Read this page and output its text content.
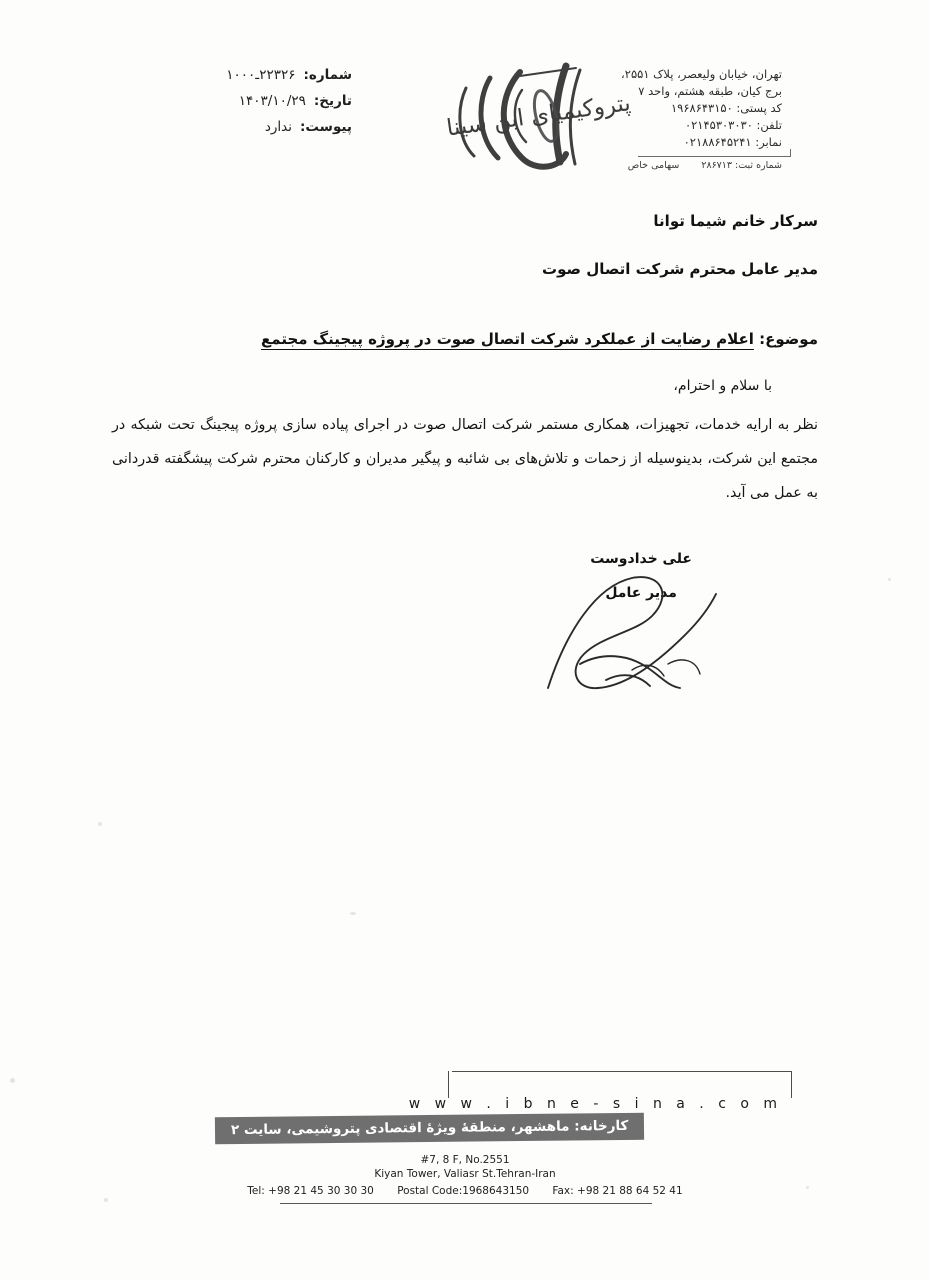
تهران، خیابان ولیعصر، پلاک ۲۵۵۱،
برج کیان، طبقه هشتم، واحد ۷
کد پستی: ۱۹۶۸۶۴۳۱۵۰
تلفن: ۰۲۱۴۵۳۰۳۰۳۰
نمابر: ۰۲۱۸۸۶۴۵۲۴۱
شماره ثبت: ۲۸۶۷۱۳  سهامی خاص
پتروکیمیای ابن سینا
شماره:
۲۲۳۲۶ـ۱۰۰۰
تاریخ:
۱۴۰۳/۱۰/۲۹
پیوست:
ندارد
سرکار خانم شیما توانا
مدیر عامل محترم شرکت اتصال صوت
موضوع: اعلام رضایت از عملکرد شرکت اتصال صوت در پروژه پیجینگ مجتمع
با سلام و احترام،
نظر به ارایه خدمات، تجهیزات، همکاری مستمر شرکت اتصال صوت در اجرای پیاده سازی پروژه پیجینگ تحت شبکه در مجتمع این شرکت، بدینوسیله از زحمات و تلاش‌های بی شائبه و پیگیر مدیران و کارکنان محترم شرکت پیشگفته قدردانی به عمل می آید.
علی خدادوست
مدیر عامل
w w w . i b n e - s i n a . c o m
کارخانه: ماهشهر، منطقهٔ ویژهٔ اقتصادی پتروشیمی، سایت ۲
#7, 8 F, No.2551
Kiyan Tower, Valiasr St.Tehran-Iran
Tel: +98 21 45 30 30 30 Postal Code:1968643150 Fax: +98 21 88 64 52 41
